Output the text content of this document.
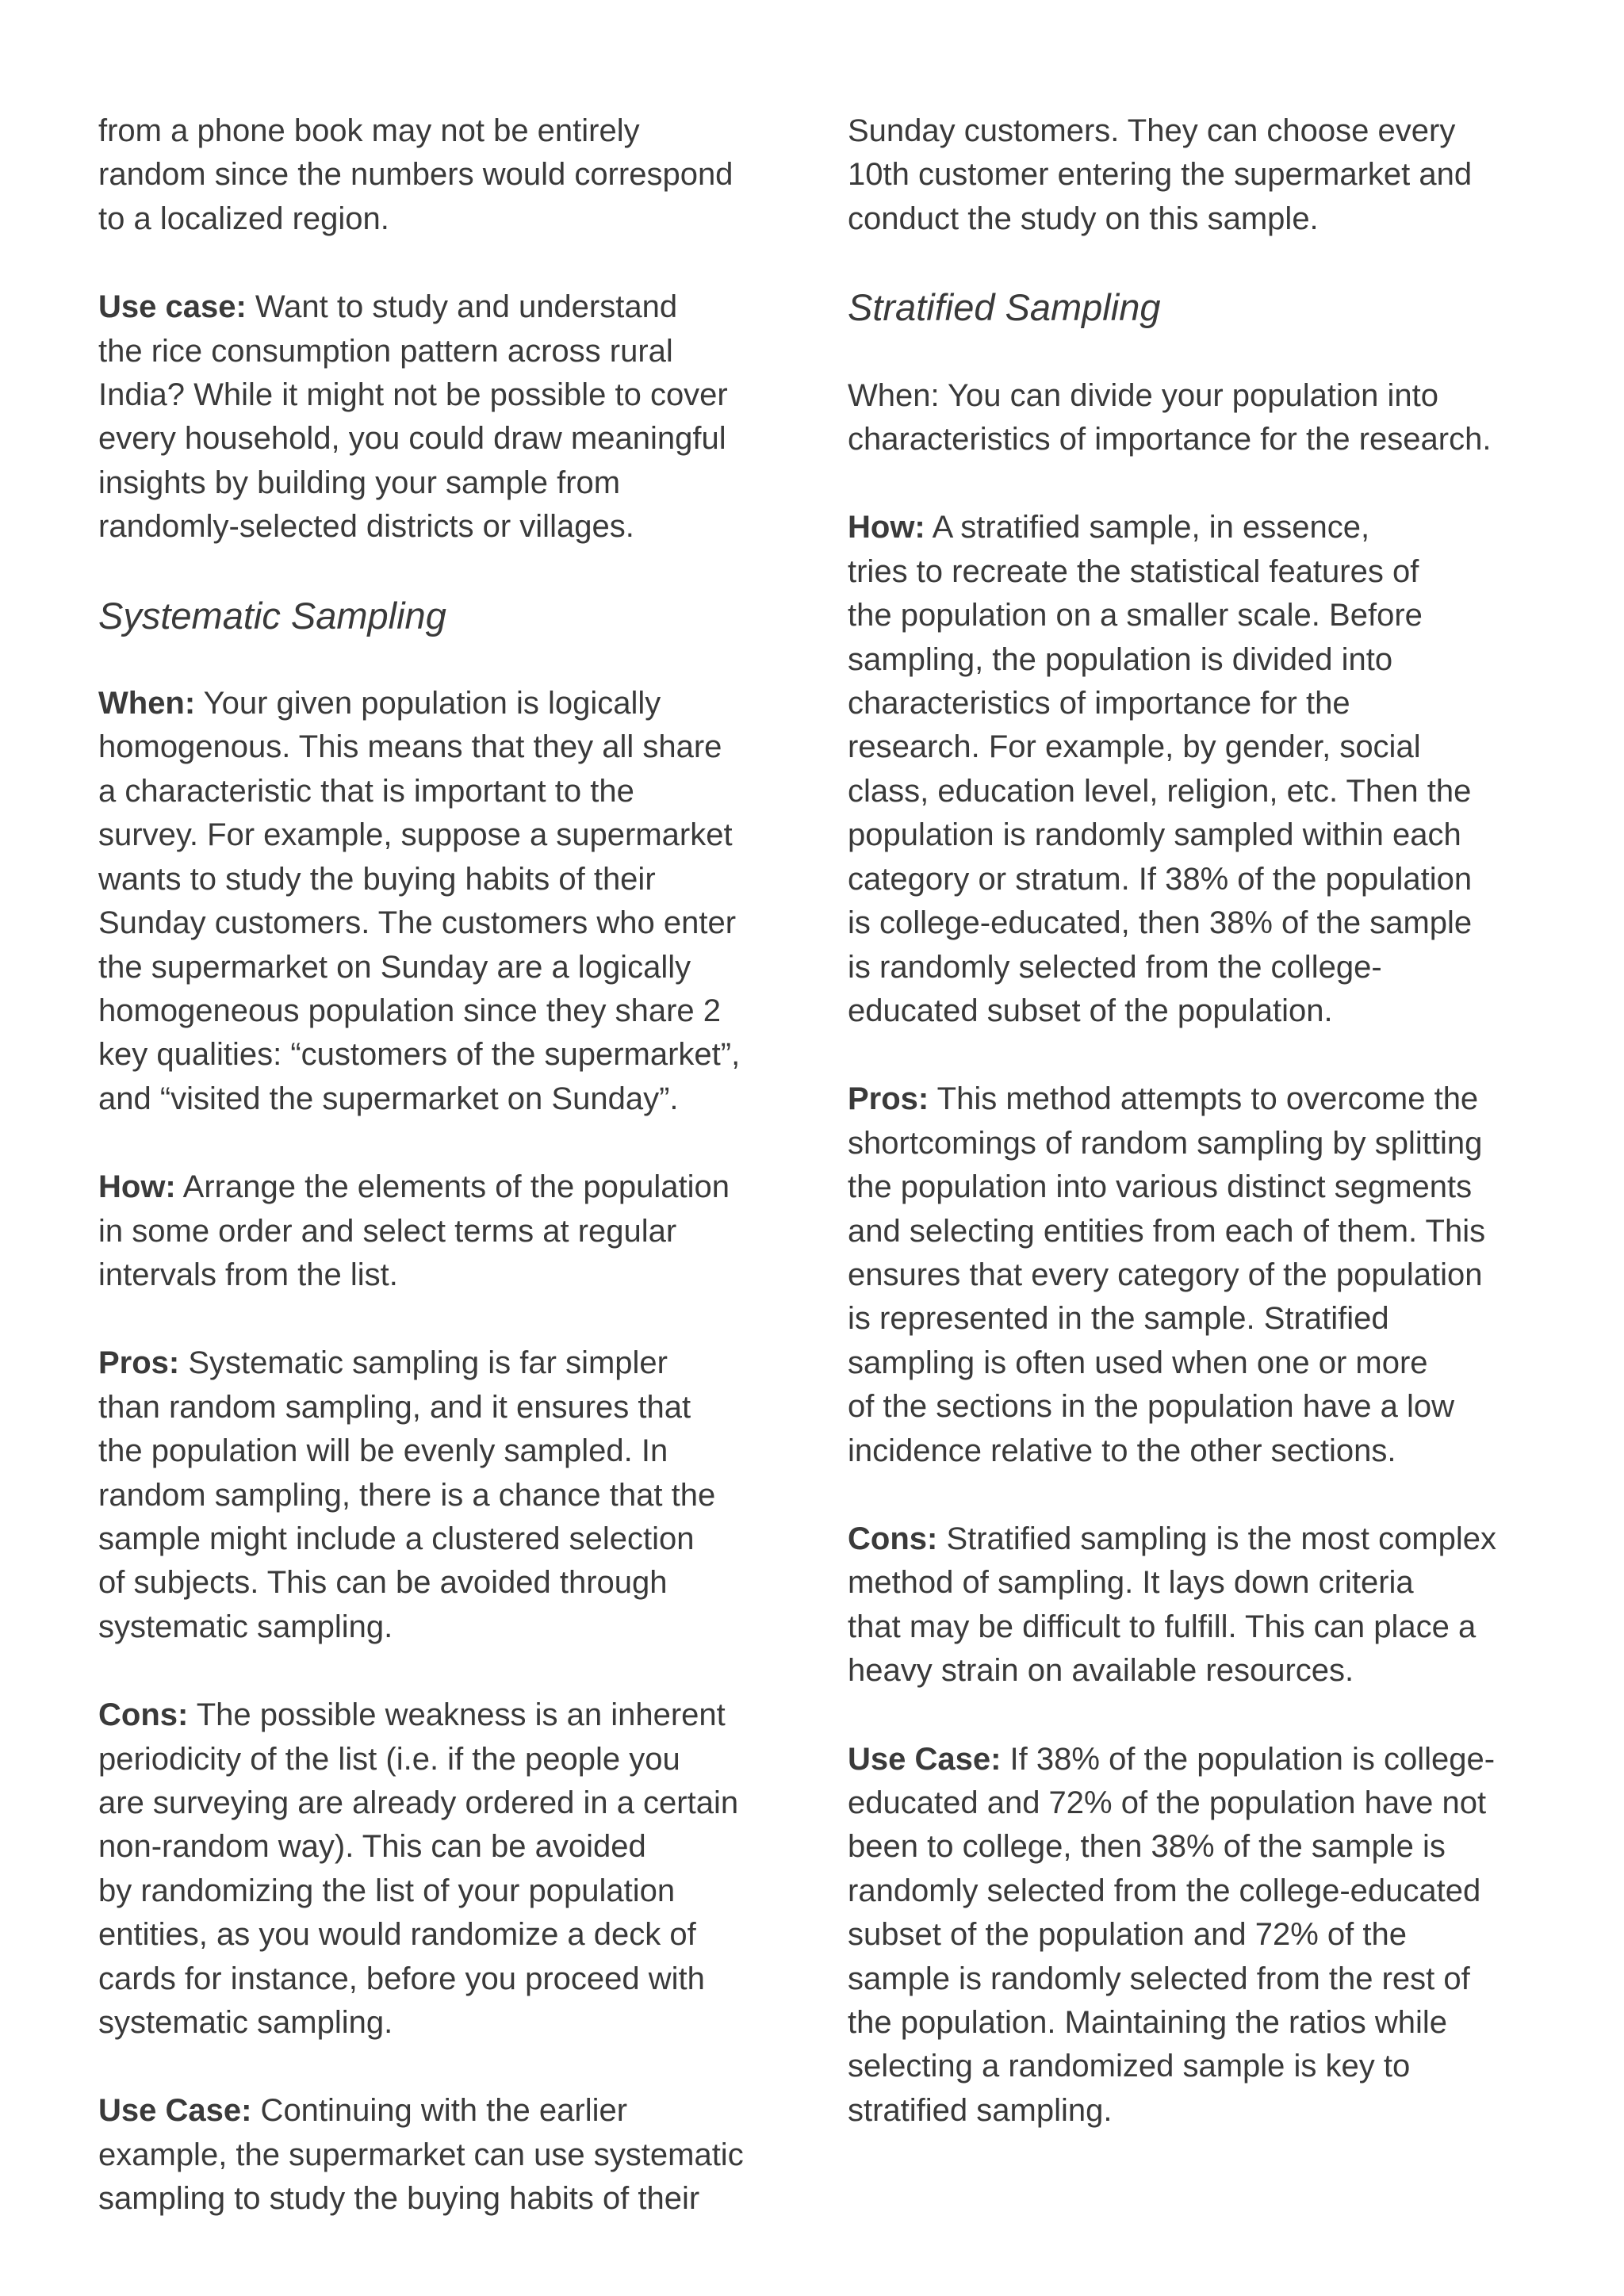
from a phone book may not be entirely
random since the numbers would correspond
to a localized region.

Use case: Want to study and understand
the rice consumption pattern across rural
India? While it might not be possible to cover
every household, you could draw meaningful
insights by building your sample from
randomly-selected districts or villages.

Systematic Sampling

When: Your given population is logically
homogenous. This means that they all share
a characteristic that is important to the
survey. For example, suppose a supermarket
wants to study the buying habits of their
Sunday customers. The customers who enter
the supermarket on Sunday are a logically
homogeneous population since they share 2
key qualities: “customers of the supermarket”,
and “visited the supermarket on Sunday”.

How: Arrange the elements of the population
in some order and select terms at regular
intervals from the list.

Pros: Systematic sampling is far simpler
than random sampling, and it ensures that
the population will be evenly sampled. In
random sampling, there is a chance that the
sample might include a clustered selection
of subjects. This can be avoided through
systematic sampling.

Cons: The possible weakness is an inherent
periodicity of the list (i.e. if the people you
are surveying are already ordered in a certain
non-random way). This can be avoided
by randomizing the list of your population
entities, as you would randomize a deck of
cards for instance, before you proceed with
systematic sampling.

Use Case: Continuing with the earlier
example, the supermarket can use systematic
sampling to study the buying habits of their

Sunday customers. They can choose every
10th customer entering the supermarket and
conduct the study on this sample.

Stratified Sampling

When: You can divide your population into
characteristics of importance for the research.

How: A stratified sample, in essence,
tries to recreate the statistical features of
the population on a smaller scale. Before
sampling, the population is divided into
characteristics of importance for the
research. For example, by gender, social
class, education level, religion, etc. Then the
population is randomly sampled within each
category or stratum. If 38% of the population
is college-educated, then 38% of the sample
is randomly selected from the college-
educated subset of the population.

Pros: This method attempts to overcome the
shortcomings of random sampling by splitting
the population into various distinct segments
and selecting entities from each of them. This
ensures that every category of the population
is represented in the sample. Stratified
sampling is often used when one or more
of the sections in the population have a low
incidence relative to the other sections.

Cons: Stratified sampling is the most complex
method of sampling. It lays down criteria
that may be difficult to fulfill. This can place a
heavy strain on available resources.

Use Case: If 38% of the population is college-
educated and 72% of the population have not
been to college, then 38% of the sample is
randomly selected from the college-educated
subset of the population and 72% of the
sample is randomly selected from the rest of
the population. Maintaining the ratios while
selecting a randomized sample is key to
stratified sampling.
